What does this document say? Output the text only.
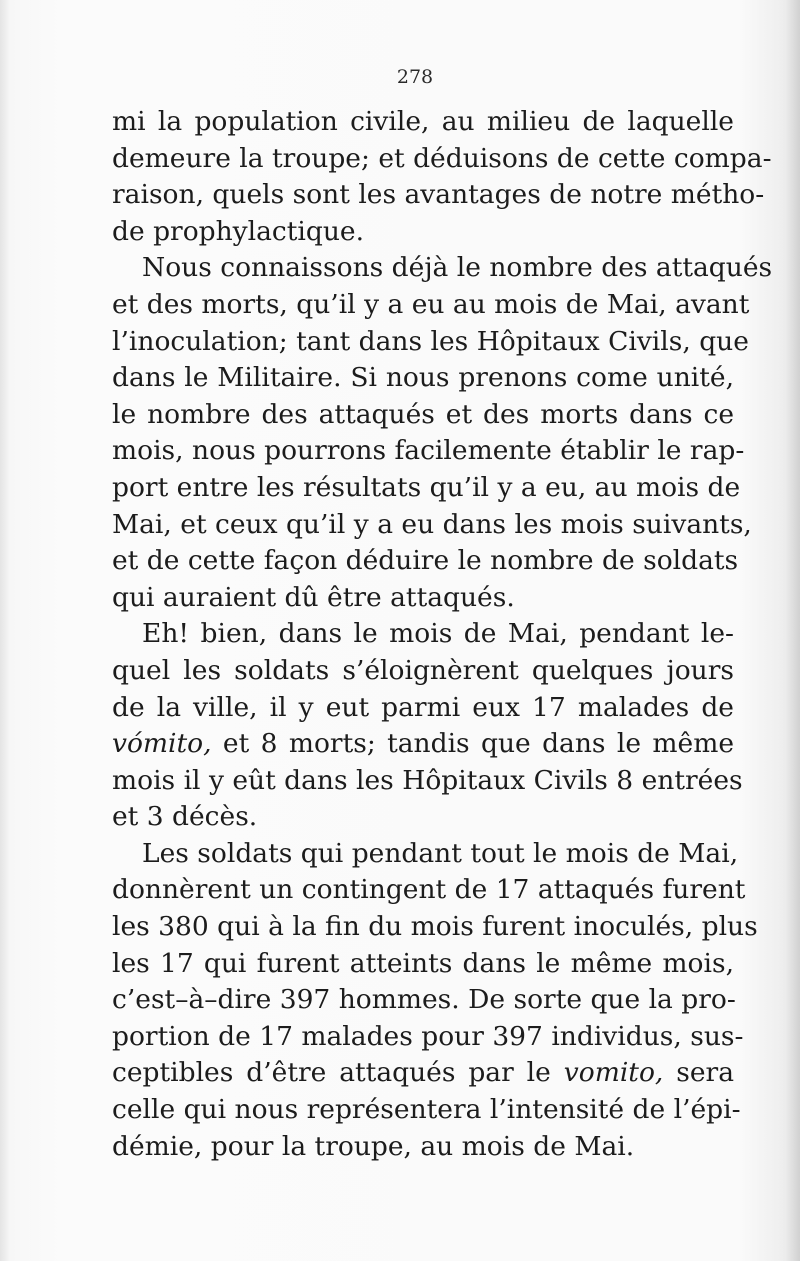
278
mi la population civile, au milieu de laquelle
demeure la troupe; et déduisons de cette compa-
raison, quels sont les avantages de notre métho-
de prophylactique.
Nous connaissons déjà le nombre des attaqués
et des morts, qu’il y a eu au mois de Mai, avant
l’inoculation; tant dans les Hôpitaux Civils, que
dans le Militaire. Si nous prenons come unité,
le nombre des attaqués et des morts dans ce
mois, nous pourrons facilemente établir le rap-
port entre les résultats qu’il y a eu, au mois de
Mai, et ceux qu’il y a eu dans les mois suivants,
et de cette façon déduire le nombre de soldats
qui auraient dû être attaqués.
Eh! bien, dans le mois de Mai, pendant le-
quel les soldats s’éloignèrent quelques jours
de la ville, il y eut parmi eux 17 malades de
vómito, et 8 morts; tandis que dans le même
mois il y eût dans les Hôpitaux Civils 8 entrées
et 3 décès.
Les soldats qui pendant tout le mois de Mai,
donnèrent un contingent de 17 attaqués furent
les 380 qui à la fin du mois furent inoculés, plus
les 17 qui furent atteints dans le même mois,
c’est–à–dire 397 hommes. De sorte que la pro-
portion de 17 malades pour 397 individus, sus-
ceptibles d’être attaqués par le vomito, sera
celle qui nous représentera l’intensité de l’épi-
démie, pour la troupe, au mois de Mai.
